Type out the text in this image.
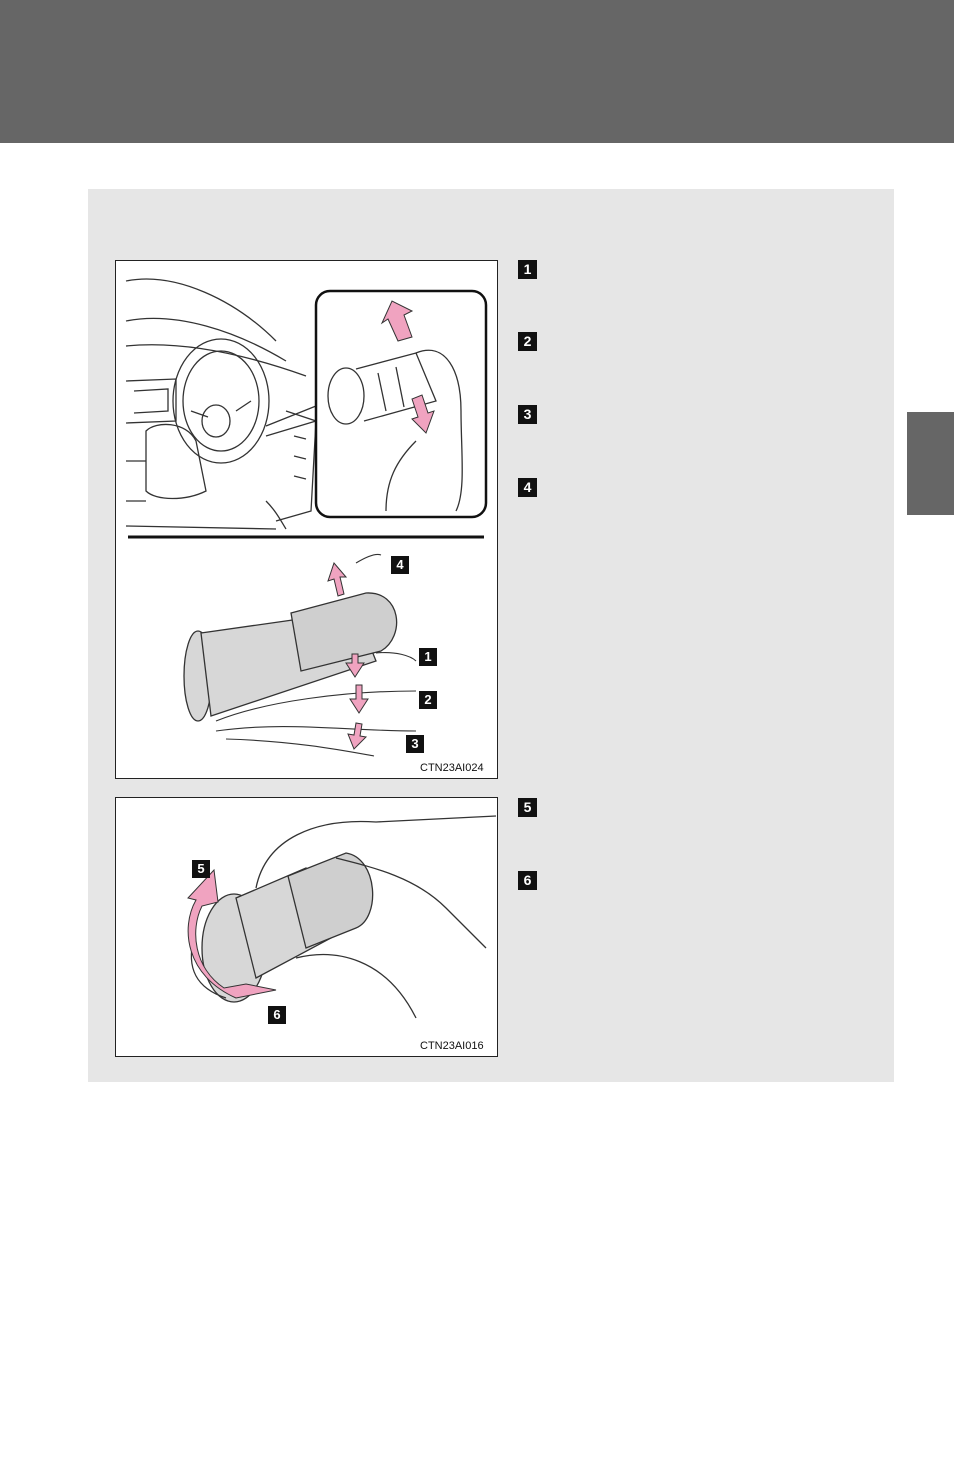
4
1
2
3
CTN23AI024
5
6
CTN23AI016
1
2
3
4
5
6
